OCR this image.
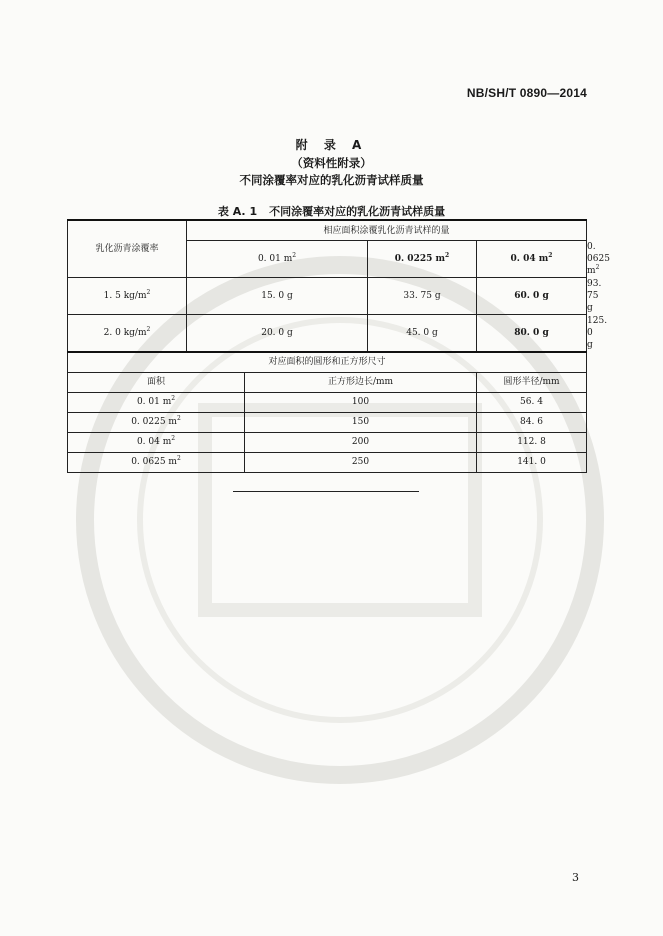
NB/SH/T 0890—2014
附 录 A
（资料性附录）
不同涂覆率对应的乳化沥青试样质量
表 A. 1 不同涂覆率对应的乳化沥青试样质量
乳化沥青涂覆率	相应面积涂覆乳化沥青试样的量				
	0. 01 $m^2$		0. 0225 $m^2$	0. 04 $m^2$	0. 0625 $m^2$
1. 5 $kg/m^2$	15. 0 g		33. 75 g	60. 0 g	93. 75 g
2. 0 $kg/m^2$	20. 0 g		45. 0 g	80. 0 g	125. 0 g
对应面积的圆形和正方形尺寸					
面积		正方形边长/mm		圆形半径/mm	
0. 01 $m^2$		100		56. 4	
0. 0225 $m^2$		150		84. 6	
0. 04 $m^2$		200		112. 8	
0. 0625 $m^2$		250		141. 0	
3
